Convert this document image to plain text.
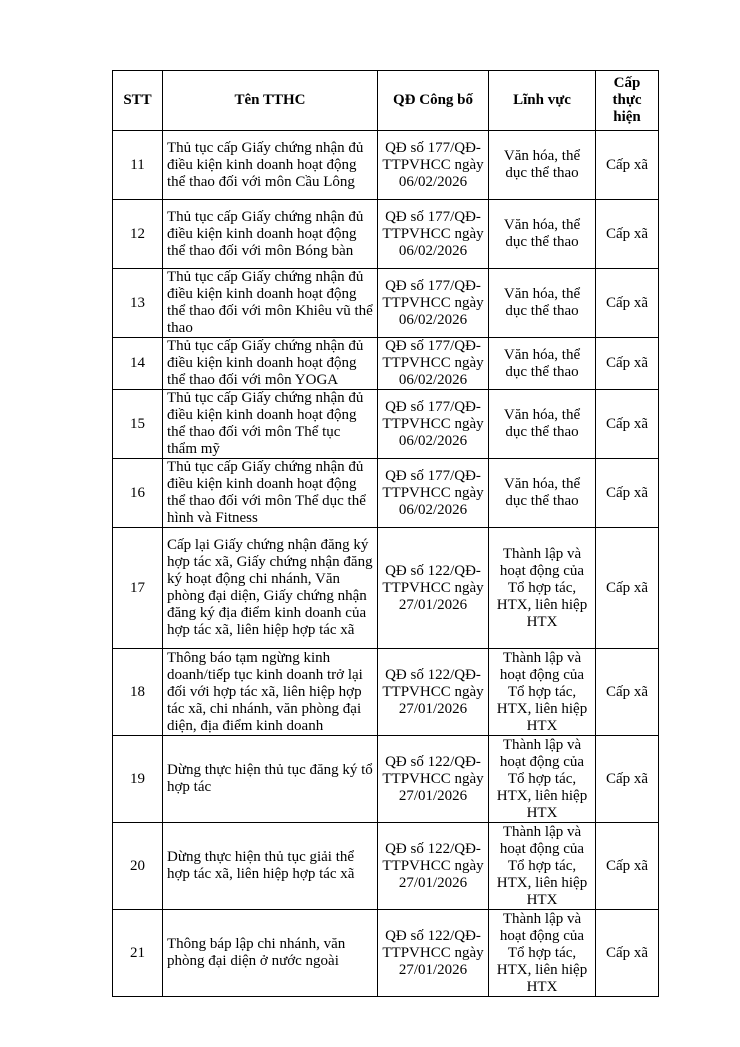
STT	Tên TTHC	QĐ Công bố	Lĩnh vực	Cấp thực hiện
11	Thủ tục cấp Giấy chứng nhận đủ điều kiện kinh doanh hoạt động thể thao đối với môn Cầu Lông	QĐ số 177/QĐ-TTPVHCC ngày 06/02/2026	Văn hóa, thể dục thể thao	Cấp xã
12	Thủ tục cấp Giấy chứng nhận đủ điều kiện kinh doanh hoạt động thể thao đối với môn Bóng bàn	QĐ số 177/QĐ-TTPVHCC ngày 06/02/2026	Văn hóa, thể dục thể thao	Cấp xã
13	Thủ tục cấp Giấy chứng nhận đủ điều kiện kinh doanh hoạt động thể thao đối với môn Khiêu vũ thể thao	QĐ số 177/QĐ-TTPVHCC ngày 06/02/2026	Văn hóa, thể dục thể thao	Cấp xã
14	Thủ tục cấp Giấy chứng nhận đủ điều kiện kinh doanh hoạt động thể thao đối với môn YOGA	QĐ số 177/QĐ-TTPVHCC ngày 06/02/2026	Văn hóa, thể dục thể thao	Cấp xã
15	Thủ tục cấp Giấy chứng nhận đủ điều kiện kinh doanh hoạt động thể thao đối với môn Thể tục thẩm mỹ	QĐ số 177/QĐ-TTPVHCC ngày 06/02/2026	Văn hóa, thể dục thể thao	Cấp xã
16	Thủ tục cấp Giấy chứng nhận đủ điều kiện kinh doanh hoạt động thể thao đối với môn Thể dục thể hình và Fitness	QĐ số 177/QĐ-TTPVHCC ngày 06/02/2026	Văn hóa, thể dục thể thao	Cấp xã
17	Cấp lại Giấy chứng nhận đăng ký hợp tác xã, Giấy chứng nhận đăng ký hoạt động chi nhánh, Văn phòng đại diện, Giấy chứng nhận đăng ký địa điểm kinh doanh của hợp tác xã, liên hiệp hợp tác xã	QĐ số 122/QĐ-TTPVHCC ngày 27/01/2026	Thành lập và hoạt động của Tổ hợp tác, HTX, liên hiệp HTX	Cấp xã
18	Thông báo tạm ngừng kinh doanh/tiếp tục kinh doanh trở lại đối với hợp tác xã, liên hiệp hợp tác xã, chi nhánh, văn phòng đại diện, địa điểm kinh doanh	QĐ số 122/QĐ-TTPVHCC ngày 27/01/2026	Thành lập và hoạt động của Tổ hợp tác, HTX, liên hiệp HTX	Cấp xã
19	Dừng thực hiện thủ tục đăng ký tổ hợp tác	QĐ số 122/QĐ-TTPVHCC ngày 27/01/2026	Thành lập và hoạt động của Tổ hợp tác, HTX, liên hiệp HTX	Cấp xã
20	Dừng thực hiện thủ tục giải thể hợp tác xã, liên hiệp hợp tác xã	QĐ số 122/QĐ-TTPVHCC ngày 27/01/2026	Thành lập và hoạt động của Tổ hợp tác, HTX, liên hiệp HTX	Cấp xã
21	Thông báp lập chi nhánh, văn phòng đại diện ở nước ngoài	QĐ số 122/QĐ-TTPVHCC ngày 27/01/2026	Thành lập và hoạt động của Tổ hợp tác, HTX, liên hiệp HTX	Cấp xã
